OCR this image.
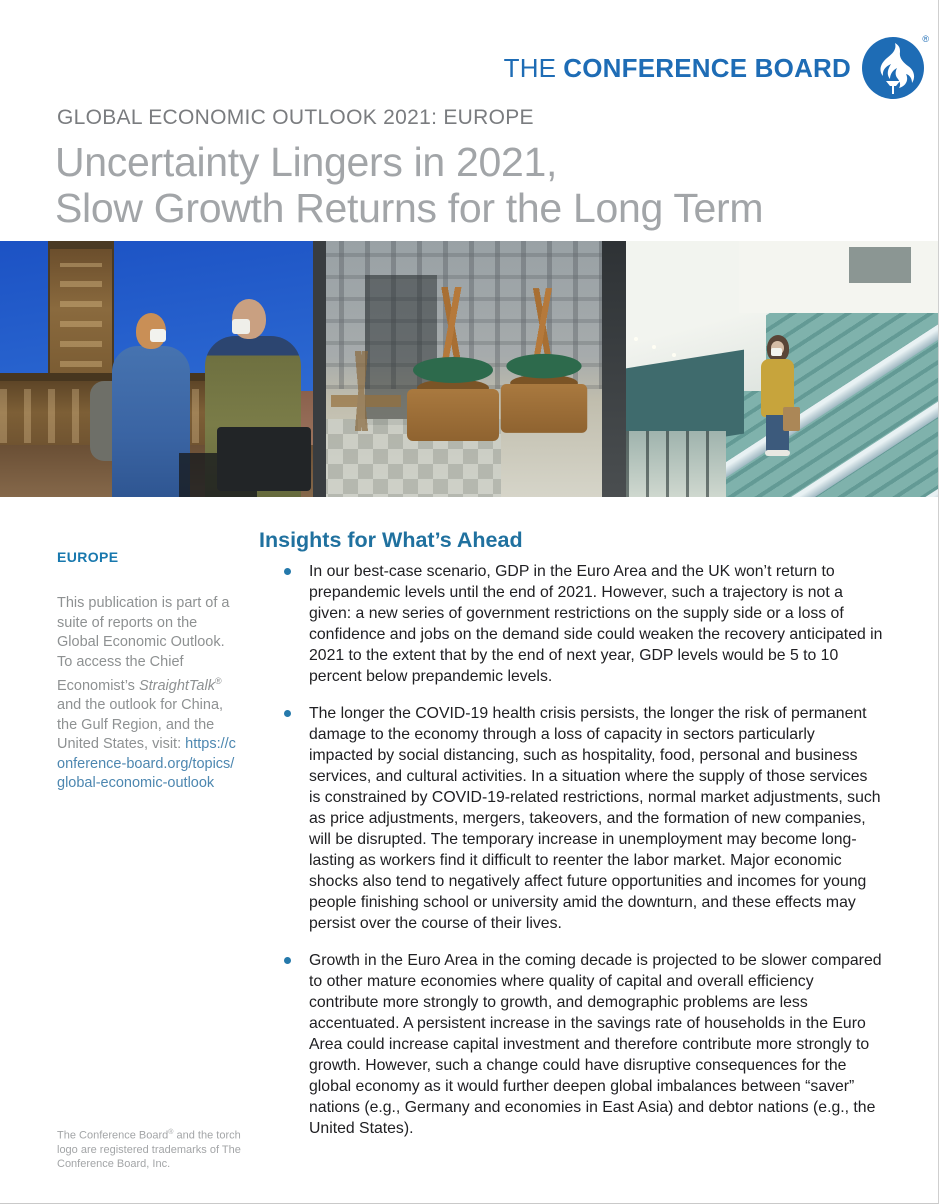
THE CONFERENCE BOARD
®
GLOBAL ECONOMIC OUTLOOK 2021: EUROPE
Uncertainty Lingers in 2021,
Slow Growth Returns for the Long Term
EUROPE

This publication is part of a suite of reports on the Global Economic Outlook. To access the Chief Economist’s StraightTalk® and the outlook for China, the Gulf Region, and the United States, visit: https://conference-board.org/topics/global-economic-outlook

Insights for What’s Ahead
In our best-case scenario, GDP in the Euro Area and the UK won’t return to prepandemic levels until the end of 2021. However, such a trajectory is not a given: a new series of government restrictions on the supply side or a loss of confidence and jobs on the demand side could weaken the recovery anticipated in 2021 to the extent that by the end of next year, GDP levels would be 5 to 10 percent below prepandemic levels.
The longer the COVID-19 health crisis persists, the longer the risk of permanent damage to the economy through a loss of capacity in sectors particularly impacted by social distancing, such as hospitality, food, personal and business services, and cultural activities. In a situation where the supply of those services is constrained by COVID-19-related restrictions, normal market adjustments, such as price adjustments, mergers, takeovers, and the formation of new companies, will be disrupted. The temporary increase in unemployment may become long-lasting as workers find it difficult to reenter the labor market. Major economic shocks also tend to negatively affect future opportunities and incomes for young people finishing school or university amid the downturn, and these effects may persist over the course of their lives.
Growth in the Euro Area in the coming decade is projected to be slower compared to other mature economies where quality of capital and overall efficiency contribute more strongly to growth, and demographic problems are less accentuated. A persistent increase in the savings rate of households in the Euro Area could increase capital investment and therefore contribute more strongly to growth. However, such a change could have disruptive consequences for the global economy as it would further deepen global imbalances between “saver” nations (e.g., Germany and economies in East Asia) and debtor nations (e.g., the United States).
The Conference Board® and the torch logo are registered trademarks of The Conference Board, Inc.
